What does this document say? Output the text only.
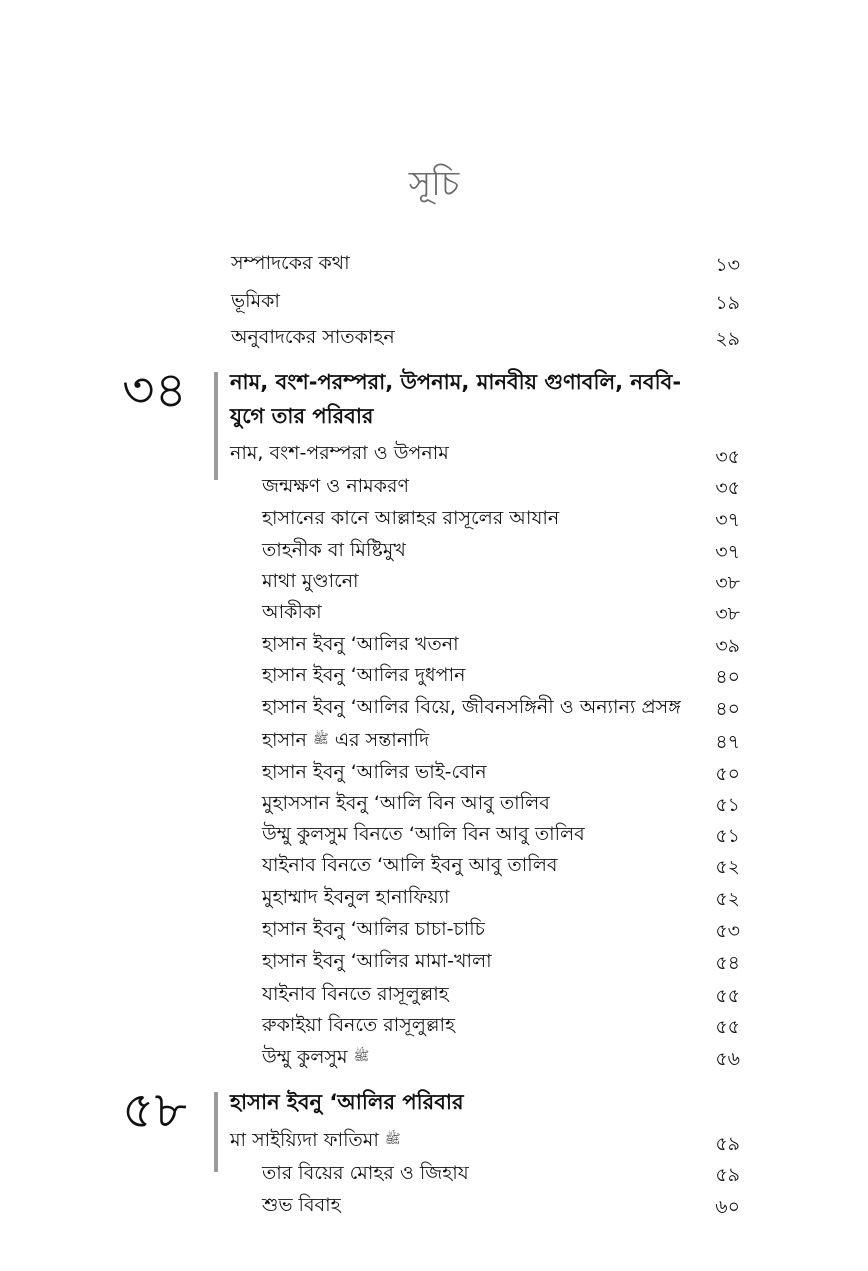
সূচি
সম্পাদকের কথা	১৩
ভূমিকা	১৯
অনুবাদকের সাতকাহন	২৯
৩৪ নাম, বংশ-পরম্পরা, উপনাম, মানবীয় গুণাবলি, নববি-
যুগে তার পরিবার
নাম, বংশ-পরম্পরা ও উপনাম	৩৫
জন্মক্ষণ ও নামকরণ	৩৫
হাসানের কানে আল্লাহর রাসূলের আযান	৩৭
তাহনীক বা মিষ্টিমুখ	৩৭
মাথা মুণ্ডানো	৩৮
আকীকা	৩৮
হাসান ইবনু ‘আলির খতনা	৩৯
হাসান ইবনু ‘আলির দুধপান	৪০
হাসান ইবনু ‘আলির বিয়ে, জীবনসঙ্গিনী ও অন্যান্য প্রসঙ্গ ৪০
হাসান ﷺ এর সন্তানাদি	৪৭
হাসান ইবনু ‘আলির ভাই-বোন	৫০
মুহাসসান ইবনু ‘আলি বিন আবু তালিব	৫১
উম্মু কুলসুম বিনতে ‘আলি বিন আবু তালিব	৫১
যাইনাব বিনতে ‘আলি ইবনু আবু তালিব	৫২
মুহাম্মাদ ইবনুল হানাফিয়্যা	৫২
হাসান ইবনু ‘আলির চাচা-চাচি	৫৩
হাসান ইবনু ‘আলির মামা-খালা	৫৪
যাইনাব বিনতে রাসূলুল্লাহ	৫৫
রুকাইয়া বিনতে রাসূলুল্লাহ	৫৫
উম্মু কুলসুম ﷺ	৫৬
৫৮ হাসান ইবনু ‘আলির পরিবার
মা সাইয়্যিদা ফাতিমা ﷺ	৫৯
তার বিয়ের মোহর ও জিহায	৫৯
শুভ বিবাহ	৬০
